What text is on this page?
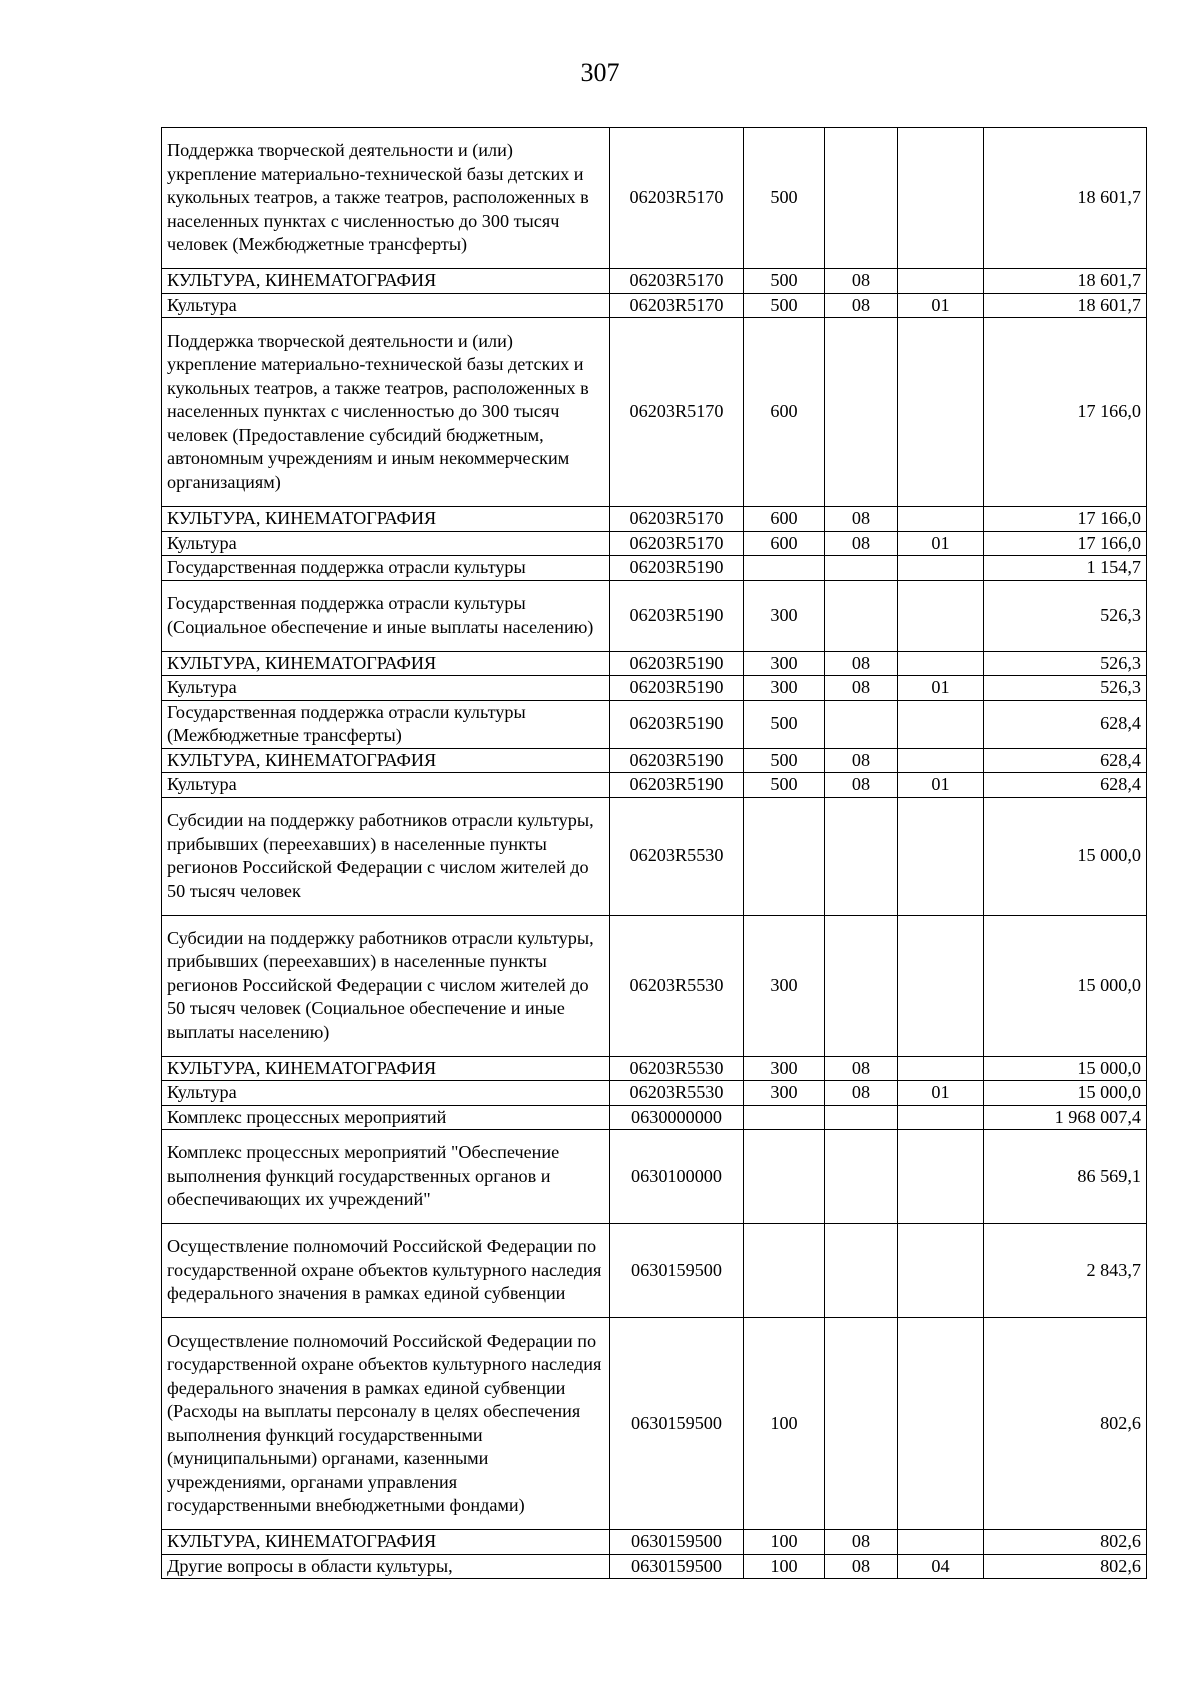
307
Поддержка творческой деятельности и (или) укрепление материально-технической базы детских и кукольных театров, а также театров, расположенных в населенных пунктах с численностью до 300 тысяч человек (Межбюджетные трансферты)	06203R5170	500			18 601,7
КУЛЬТУРА, КИНЕМАТОГРАФИЯ	06203R5170	500	08		18 601,7
Культура	06203R5170	500	08	01	18 601,7
Поддержка творческой деятельности и (или) укрепление материально-технической базы детских и кукольных театров, а также театров, расположенных в населенных пунктах с численностью до 300 тысяч человек (Предоставление субсидий бюджетным, автономным учреждениям и иным некоммерческим организациям)	06203R5170	600			17 166,0
КУЛЬТУРА, КИНЕМАТОГРАФИЯ	06203R5170	600	08		17 166,0
Культура	06203R5170	600	08	01	17 166,0
Государственная поддержка отрасли культуры	06203R5190				1 154,7
Государственная поддержка отрасли культуры (Социальное обеспечение и иные выплаты населению)	06203R5190	300			526,3
КУЛЬТУРА, КИНЕМАТОГРАФИЯ	06203R5190	300	08		526,3
Культура	06203R5190	300	08	01	526,3
Государственная поддержка отрасли культуры (Межбюджетные трансферты)	06203R5190	500			628,4
КУЛЬТУРА, КИНЕМАТОГРАФИЯ	06203R5190	500	08		628,4
Культура	06203R5190	500	08	01	628,4
Субсидии на поддержку работников отрасли культуры, прибывших (переехавших) в населенные пункты регионов Российской Федерации с числом жителей до 50 тысяч человек	06203R5530				15 000,0
Субсидии на поддержку работников отрасли культуры, прибывших (переехавших) в населенные пункты регионов Российской Федерации с числом жителей до 50 тысяч человек (Социальное обеспечение и иные выплаты населению)	06203R5530	300			15 000,0
КУЛЬТУРА, КИНЕМАТОГРАФИЯ	06203R5530	300	08		15 000,0
Культура	06203R5530	300	08	01	15 000,0
Комплекс процессных мероприятий	0630000000				1 968 007,4
Комплекс процессных мероприятий "Обеспечение выполнения функций государственных органов и обеспечивающих их учреждений"	0630100000				86 569,1
Осуществление полномочий Российской Федерации по государственной охране объектов культурного наследия федерального значения в рамках единой субвенции	0630159500				2 843,7
Осуществление полномочий Российской Федерации по государственной охране объектов культурного наследия федерального значения в рамках единой субвенции (Расходы на выплаты персоналу в целях обеспечения выполнения функций государственными (муниципальными) органами, казенными учреждениями, органами управления государственными внебюджетными фондами)	0630159500	100			802,6
КУЛЬТУРА, КИНЕМАТОГРАФИЯ	0630159500	100	08		802,6
Другие вопросы в области культуры,	0630159500	100	08	04	802,6
